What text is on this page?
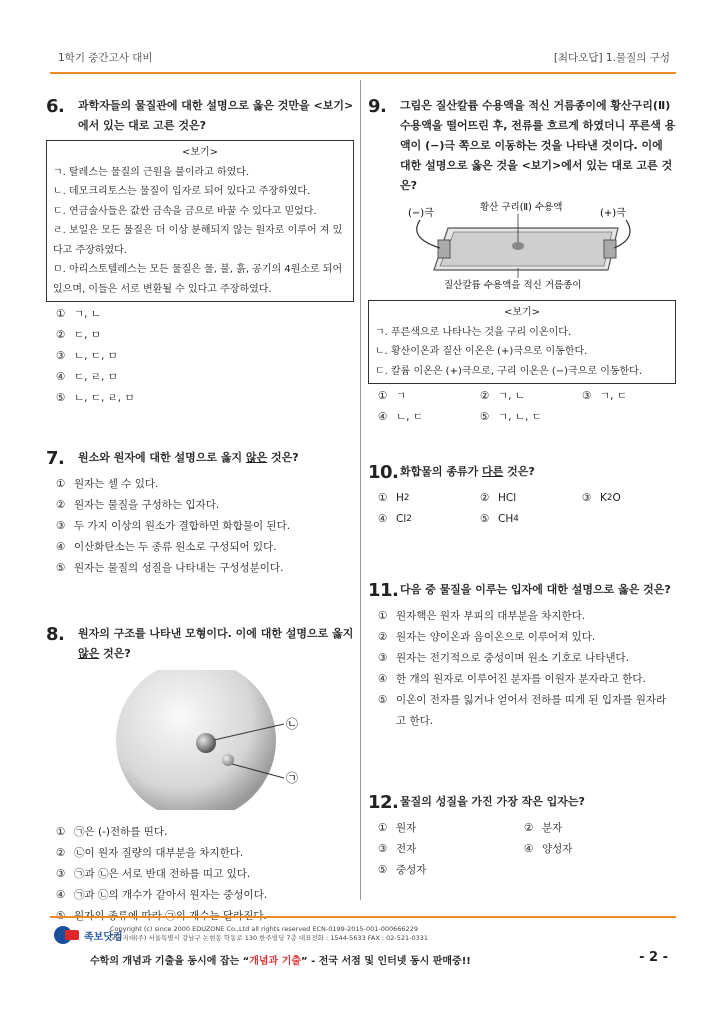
1학기 중간고사 대비	[최다오답] 1.물질의 구성
6.	과학자들의 물질관에 대한 설명으로 옳은 것만을 <보기>에서 있는 대로 고른 것은?
<보기>
ㄱ. 탈레스는 물질의 근원을 불이라고 하였다.
ㄴ. 데모크리토스는 물질이 입자로 되어 있다고 주장하였다.
ㄷ. 연금술사들은 값싼 금속을 금으로 바꿀 수 있다고 믿었다.
ㄹ. 보일은 모든 물질은 더 이상 분해되지 않는 원자로 이루어 져 있다고 주장하였다.
ㅁ. 아리스토텔레스는 모든 물질은 물, 불, 흙, 공기의 4원소로 되어 있으며, 이들은 서로 변환될 수 있다고 주장하였다.
① ㄱ, ㄴ
② ㄷ, ㅁ
③ ㄴ, ㄷ, ㅁ
④ ㄷ, ㄹ, ㅁ
⑤ ㄴ, ㄷ, ㄹ, ㅁ
7.	원소와 원자에 대한 설명으로 옳지 않은 것은?
① 원자는 셀 수 있다.
② 원자는 물질을 구성하는 입자다.
③ 두 가지 이상의 원소가 결합하면 화합물이 된다.
④ 이산화탄소는 두 종류 원소로 구성되어 있다.
⑤ 원자는 물질의 성질을 나타내는 구성성분이다.
8.	원자의 구조를 나타낸 모형이다. 이에 대한 설명으로 옳지 않은 것은?
㉡
㉠
① ㉠은 (-)전하를 띤다.
② ㉡이 원자 질량의 대부분을 차지한다.
③ ㉠과 ㉡은 서로 반대 전하를 띠고 있다.
④ ㉠과 ㉡의 개수가 같아서 원자는 중성이다.
9.	그림은 질산칼륨 수용액을 적신 거름종이에 황산구리(Ⅱ) 수용액을 떨어뜨린 후, 전류를 흐르게 하였더니 푸른색 용액이 (−)극 쪽으로 이동하는 것을 나타낸 것이다. 이에 대한 설명으로 옳은 것을 <보기>에서 있는 대로 고른 것은?
황산 구리(Ⅱ) 수용액
(−)극	(+)극
질산칼륨 수용액을 적신 거름종이
<보기>
ㄱ. 푸른색으로 나타나는 것을 구리 이온이다.
ㄴ. 황산이온과 질산 이온은 (+)극으로 이동한다.
ㄷ. 칼륨 이온은 (+)극으로, 구리 이온은 (−)극으로 이동한다.
① ㄱ	② ㄱ, ㄴ	③ ㄱ, ㄷ
④ ㄴ, ㄷ	⑤ ㄱ, ㄴ, ㄷ
10. 화합물의 종류가 다른 것은?
① H 2	② HCl	③ K 2 O
④ Cl 2	⑤ CH 4
11. 다음 중 물질을 이루는 입자에 대한 설명으로 옳은 것은?
① 원자핵은 원자 부피의 대부분을 차지한다.
② 원자는 양이온과 음이온으로 이루어져 있다.
③ 원자는 전기적으로 중성이며 원소 기호로 나타낸다.
④ 한 개의 원자로 이루어진 분자를 이원자 분자라고 한다.
⑤ 이온이 전자를 잃거나 얻어서 전하를 띠게 된 입자를 원자라고 한다.
12. 물질의 성질을 가진 가장 작은 입자는?
① 원자	② 분자
③ 전자	④ 양성자
⑤ 중성자
족보닷컴
Copyright (c) since 2000 EDUZONE Co.,Ltd all rights reserved ECN-0199-2015-001-000666229
교육지대(주) 서울특별시 강남구 논현동 학동로 130 한주빌딩 7층 대표전화 : 1544-5633 FAX : 02-521-0331
수학의 개념과 기출을 동시에 잡는 “개념과 기출” - 전국 서점 및 인터넷 동시 판매중!!	- 2 -
